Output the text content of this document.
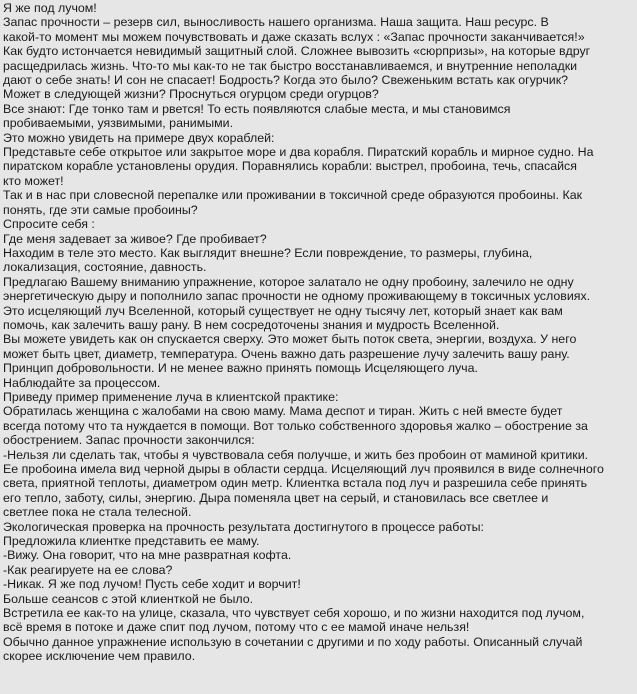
Я же под лучом!
Запас прочности – резерв сил, выносливость нашего организма. Наша защита. Наш ресурс. В
какой-то момент мы можем почувствовать и даже сказать вслух : «Запас прочности заканчивается!»
Как будто истончается невидимый защитный слой. Сложнее вывозить «сюрпризы», на которые вдруг
расщедрилась жизнь. Что-то мы как-то не так быстро восстанавливаемся, и внутренние неполадки
дают о себе знать! И сон не спасает! Бодрость? Когда это было? Свеженьким встать как огурчик?
Может в следующей жизни? Проснуться огурцом среди огурцов?
Все знают: Где тонко там и рвется! То есть появляются слабые места, и мы становимся
пробиваемыми, уязвимыми, ранимыми.
Это можно увидеть на примере двух кораблей:
Представьте себе открытое или закрытое море и два корабля. Пиратский корабль и мирное судно. На
пиратском корабле установлены орудия. Поравнялись корабли: выстрел, пробоина, течь, спасайся
кто может!
Так и в нас при словесной перепалке или проживании в токсичной среде образуются пробоины. Как
понять, где эти самые пробоины?
Спросите себя :
Где меня задевает за живое? Где пробивает?
Находим в теле это место. Как выглядит внешне? Если повреждение, то размеры, глубина,
локализация, состояние, давность.
Предлагаю Вашему вниманию упражнение, которое залатало не одну пробоину, залечило не одну
энергетическую дыру и пополнило запас прочности не одному проживающему в токсичных условиях.
Это исцеляющий луч Вселенной, который существует не одну тысячу лет, который знает как вам
помочь, как залечить вашу рану. В нем сосредоточены знания и мудрость Вселенной.
Вы можете увидеть как он спускается сверху. Это может быть поток света, энергии, воздуха. У него
может быть цвет, диаметр, температура. Очень важно дать разрешение лучу залечить вашу рану.
Принцип добровольности. И не менее важно принять помощь Исцеляющего луча.
Наблюдайте за процессом.
Приведу пример применение луча в клиентской практике:
Обратилась женщина с жалобами на свою маму. Мама деспот и тиран. Жить с ней вместе будет
всегда потому что та нуждается в помощи. Вот только собственного здоровья жалко – обострение за
обострением. Запас прочности закончился:
-Нельзя ли сделать так, чтобы я чувствовала себя получше, и жить без пробоин от маминой критики.
Ее пробоина имела вид черной дыры в области сердца. Исцеляющий луч проявился в виде солнечного
света, приятной теплоты, диаметром один метр. Клиентка встала под луч и разрешила себе принять
его тепло, заботу, силы, энергию. Дыра поменяла цвет на серый, и становилась все светлее и
светлее пока не стала телесной.
Экологическая проверка на прочность результата достигнутого в процессе работы:
Предложила клиентке представить ее маму.
-Вижу. Она говорит, что на мне развратная кофта.
-Как реагируете на ее слова?
-Никак. Я же под лучом! Пусть себе ходит и ворчит!
Больше сеансов с этой клиенткой не было.
Встретила ее как-то на улице, сказала, что чувствует себя хорошо, и по жизни находится под лучом,
всё время в потоке и даже спит под лучом, потому что с ее мамой иначе нельзя!
Обычно данное упражнение использую в сочетании с другими и по ходу работы. Описанный случай
скорее исключение чем правило.
